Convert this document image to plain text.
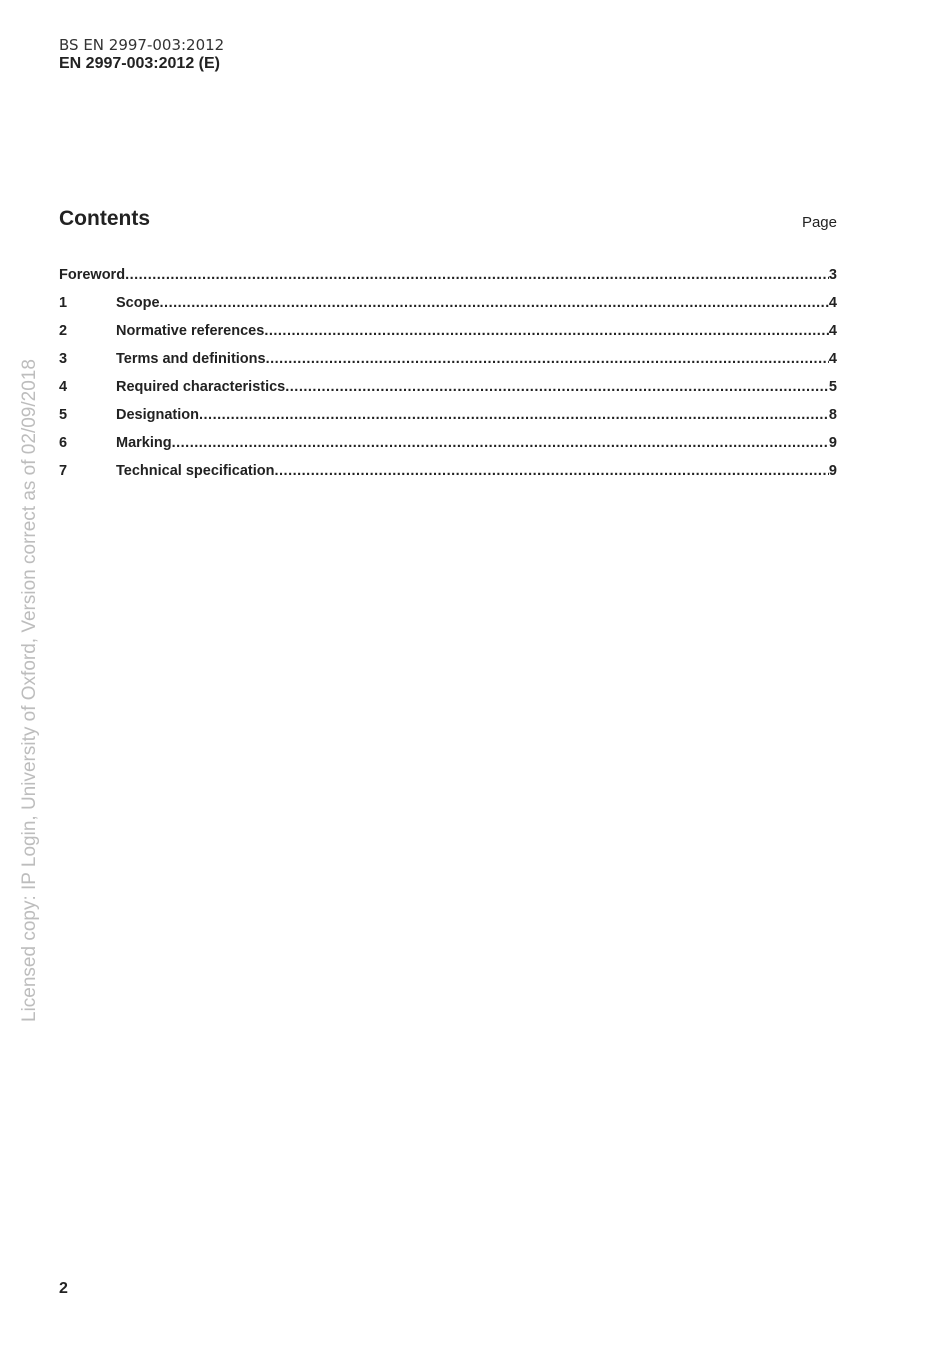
BS EN 2997-003:2012
EN 2997-003:2012 (E)
Contents	Page
Foreword .....	3
1	Scope .....	4
2	Normative references .....	4
3	Terms and definitions .....	4
4	Required characteristics .....	5
5	Designation .....	8
6	Marking .....	9
7	Technical specification .....	9
Licensed copy: IP Login, University of Oxford, Version correct as of 02/09/2018
2
